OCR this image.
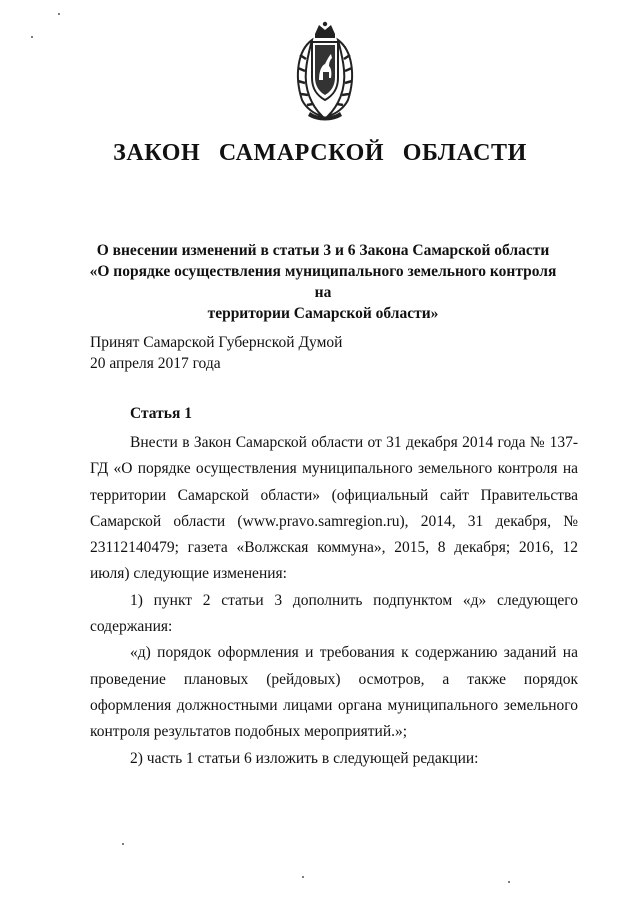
ЗАКОН САМАРСКОЙ ОБЛАСТИ
О внесении изменений в статьи 3 и 6 Закона Самарской области
«О порядке осуществления муниципального земельного контроля на
территории Самарской области»
Принят Самарской Губернской Думой
20 апреля 2017 года
Статья 1

Внести в Закон Самарской области от 31 декабря 2014 года № 137-ГД «О порядке осуществления муниципального земельного контроля на территории Самарской области» (официальный сайт Правительства Самарской области (www.pravo.samregion.ru), 2014, 31 декабря, № 23112140479; газета «Волжская коммуна», 2015, 8 декабря; 2016, 12 июля) следующие изменения:

1) пункт 2 статьи 3 дополнить подпунктом «д» следующего содержания:

«д) порядок оформления и требования к содержанию заданий на проведение плановых (рейдовых) осмотров, а также порядок оформления должностными лицами органа муниципального земельного контроля результатов подобных мероприятий.»;

2) часть 1 статьи 6 изложить в следующей редакции:
